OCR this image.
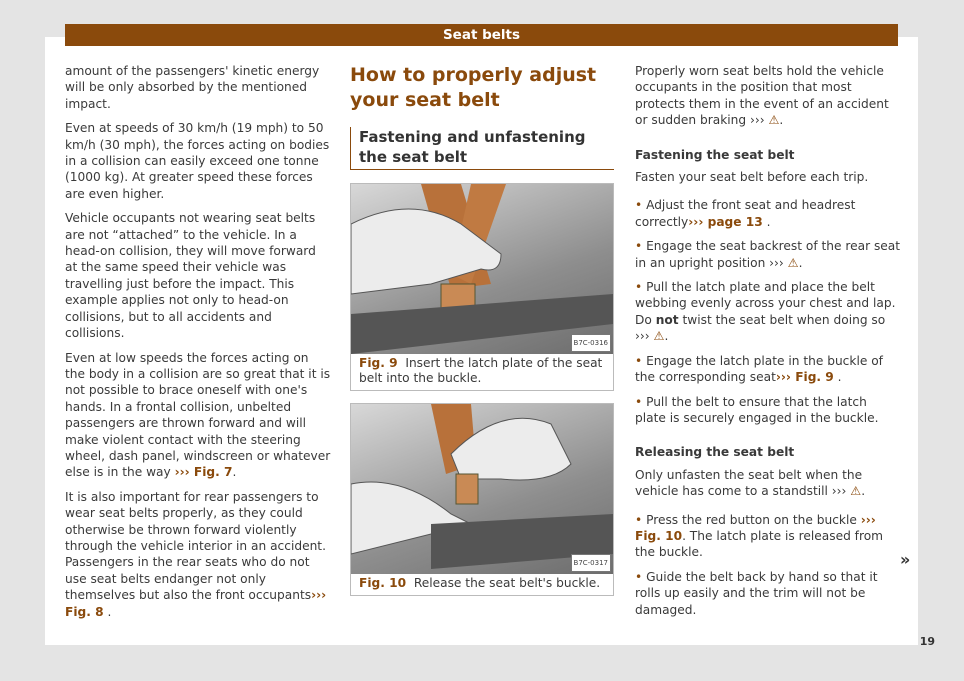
Seat belts

amount of the passengers' kinetic energy will be only absorbed by the mentioned impact.

Even at speeds of 30 km/h (19 mph) to 50 km/h (30 mph), the forces acting on bodies in a collision can easily exceed one tonne (1000 kg). At greater speed these forces are even higher.

Vehicle occupants not wearing seat belts are not “attached” to the vehicle. In a head-on collision, they will move forward at the same speed their vehicle was travelling just before the impact. This example applies not only to head-on collisions, but to all accidents and collisions.

Even at low speeds the forces acting on the body in a collision are so great that it is not possible to brace oneself with one's hands. In a frontal collision, unbelted passengers are thrown forward and will make violent contact with the steering wheel, dash panel, windscreen or whatever else is in the way ››› Fig. 7.

It is also important for rear passengers to wear seat belts properly, as they could otherwise be thrown forward violently through the vehicle interior in an accident. Passengers in the rear seats who do not use seat belts endanger not only themselves but also the front occupants››› Fig. 8 .

How to properly adjust your seat belt
Fastening and unfastening the seat belt
B7C-0316
Fig. 9 Insert the latch plate of the seat belt into the buckle.
B7C-0317
Fig. 10 Release the seat belt's buckle.

Properly worn seat belts hold the vehicle occupants in the position that most protects them in the event of an accident or sudden braking ››› ⚠.

Fastening the seat belt

Fasten your seat belt before each trip.

• Adjust the front seat and headrest correctly››› page 13 .

• Engage the seat backrest of the rear seat in an upright position ››› ⚠.

• Pull the latch plate and place the belt webbing evenly across your chest and lap. Do not twist the seat belt when doing so ››› ⚠.

• Engage the latch plate in the buckle of the corresponding seat››› Fig. 9 .

• Pull the belt to ensure that the latch plate is securely engaged in the buckle.

Releasing the seat belt

Only unfasten the seat belt when the vehicle has come to a standstill ››› ⚠.

• Press the red button on the buckle ››› Fig. 10. The latch plate is released from the buckle.

• Guide the belt back by hand so that it rolls up easily and the trim will not be damaged.

»
19
